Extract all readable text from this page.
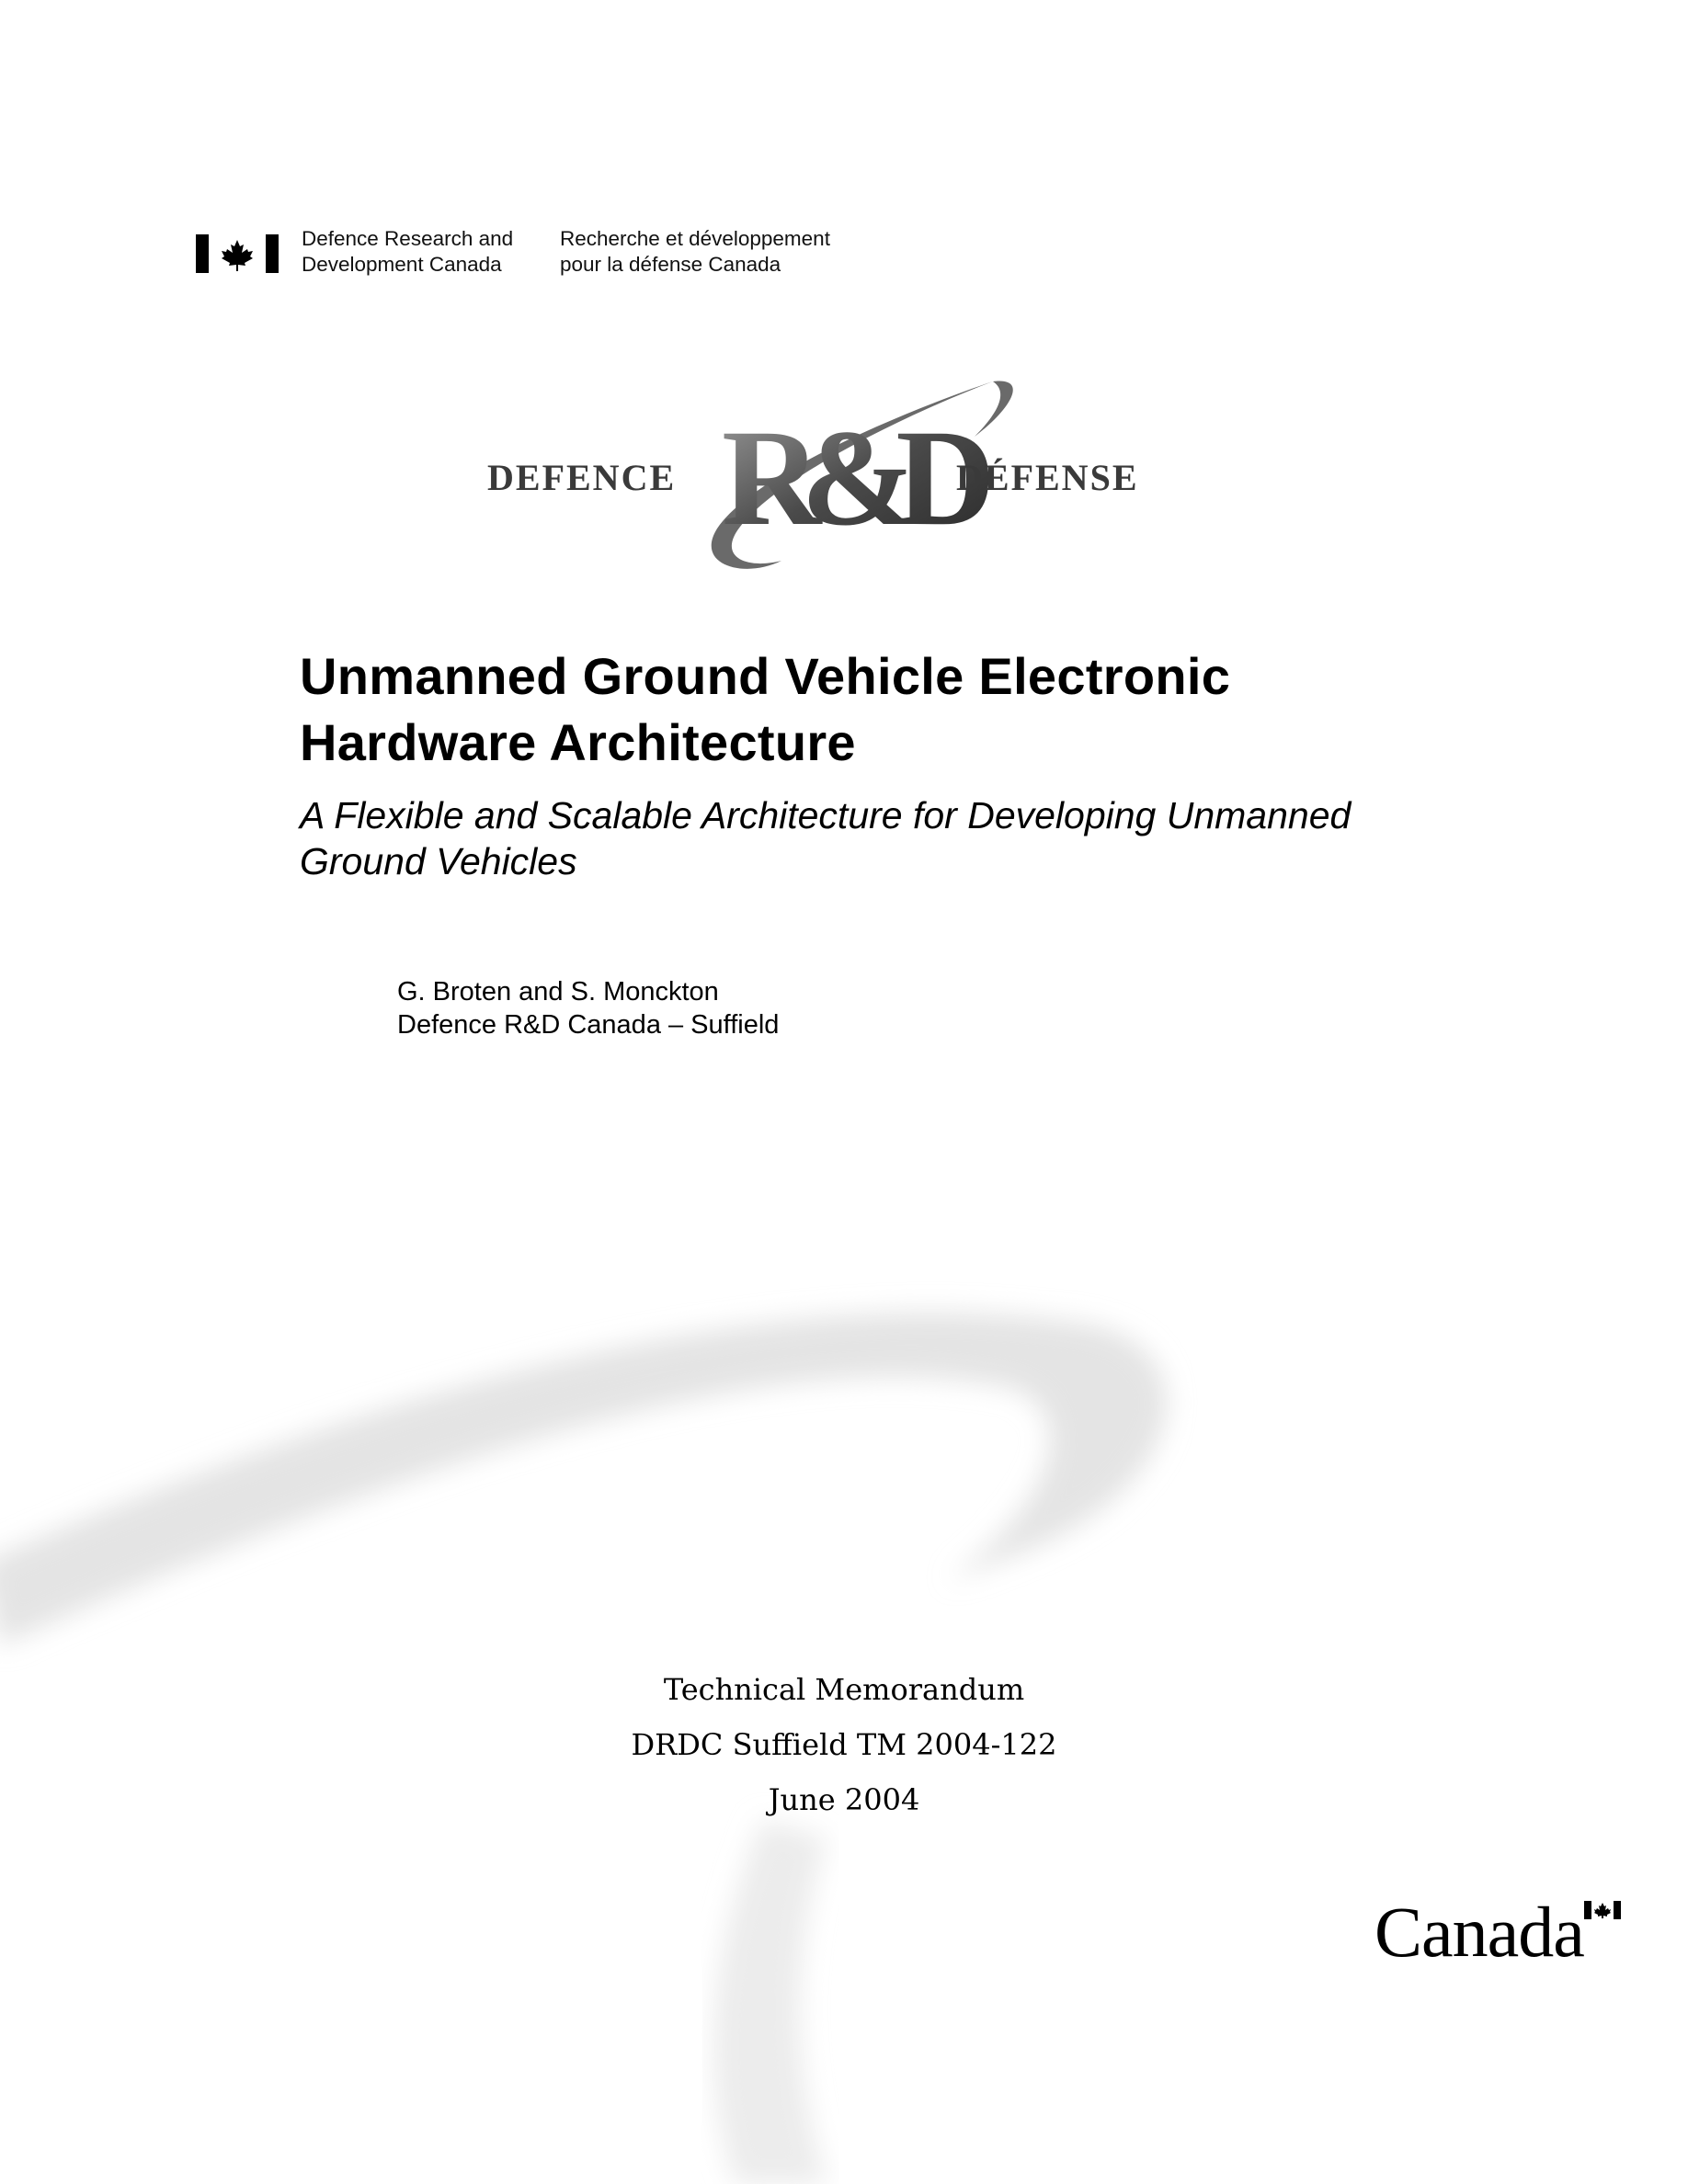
Defence Research and
Development Canada
Recherche et développement
pour la défense Canada
DEFENCE R&D
DÉFENSE
Unmanned Ground Vehicle Electronic
Hardware Architecture
A Flexible and Scalable Architecture for Developing Unmanned
Ground Vehicles
G. Broten and S. Monckton
Defence R&D Canada – Suffield
Technical Memorandum
DRDC Suffield TM 2004-122
June 2004
Canada
